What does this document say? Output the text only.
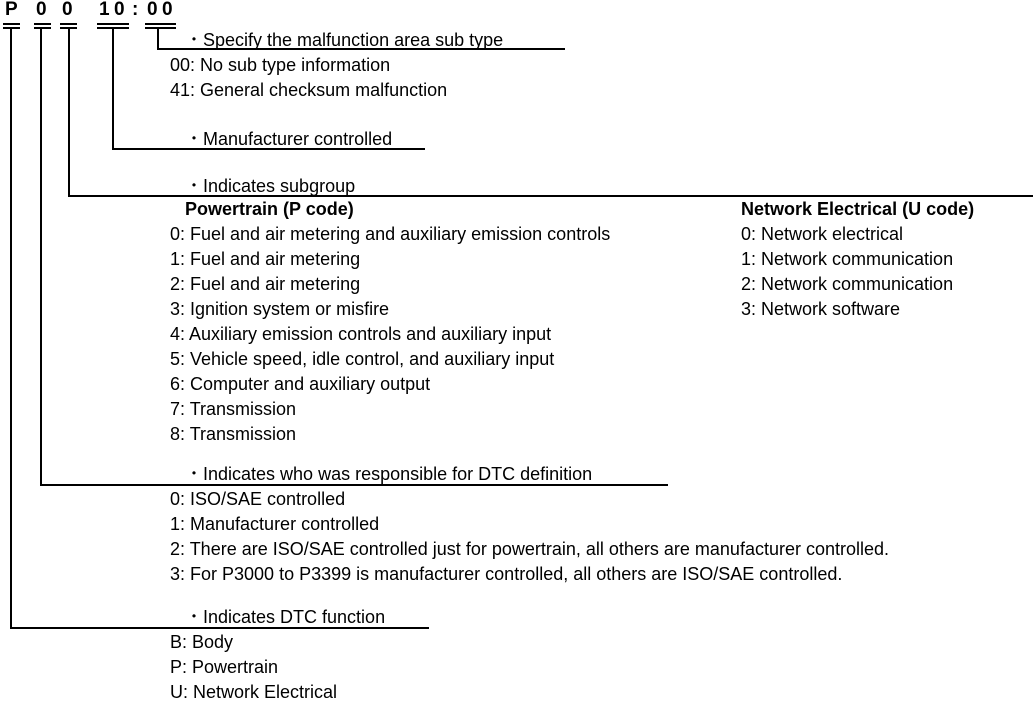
P 0 0 1 0 : 0 0
・Specify the malfunction area sub type
00: No sub type information
41: General checksum malfunction
・Manufacturer controlled
・Indicates subgroup
Powertrain (P code)
0: Fuel and air metering and auxiliary emission controls
1: Fuel and air metering
2: Fuel and air metering
3: Ignition system or misfire
4: Auxiliary emission controls and auxiliary input
5: Vehicle speed, idle control, and auxiliary input
6: Computer and auxiliary output
7: Transmission
8: Transmission
Network Electrical (U code)
0: Network electrical
1: Network communication
2: Network communication
3: Network software
・Indicates who was responsible for DTC definition
0: ISO/SAE controlled
1: Manufacturer controlled
2: There are ISO/SAE controlled just for powertrain, all others are manufacturer controlled.
3: For P3000 to P3399 is manufacturer controlled, all others are ISO/SAE controlled.
・Indicates DTC function
B: Body
P: Powertrain
U: Network Electrical
